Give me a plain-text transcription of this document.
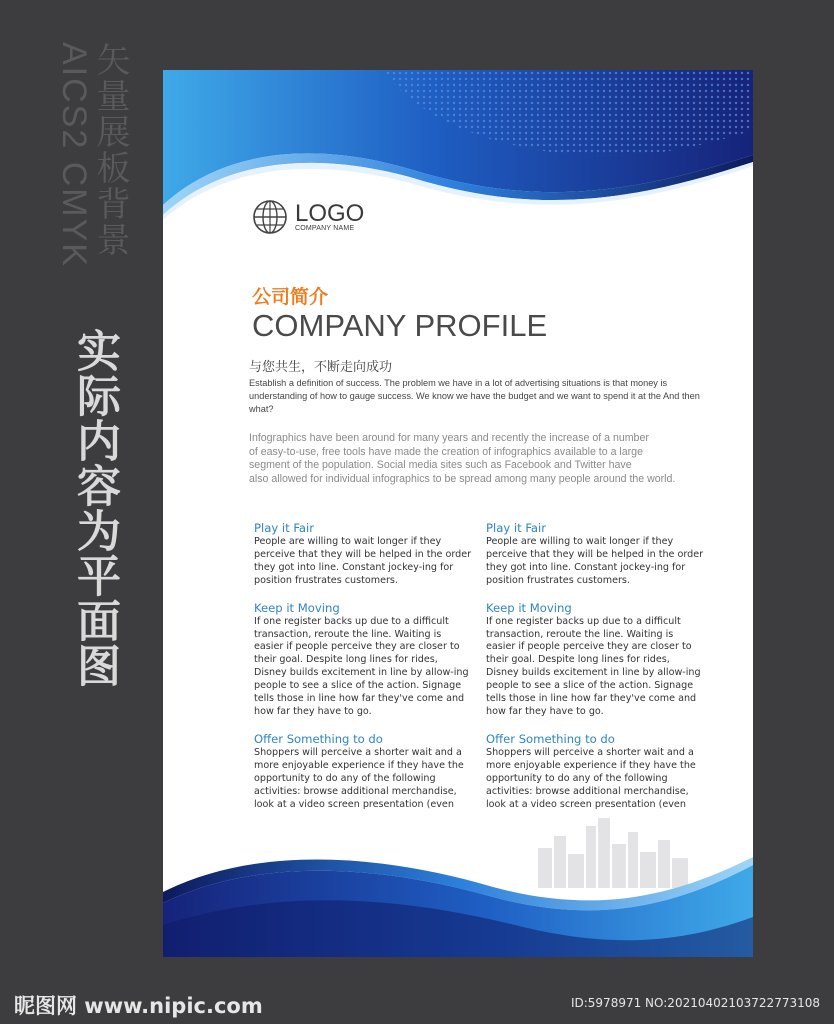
矢量展板背景
AICS2 CMYK
实际内容为平面图
昵图网 www.nipic.com	ID:5978971 NO:20210402103722773108
LOGO
COMPANY NAME
公司简介
COMPANY PROFILE
与您共生，不断走向成功
Establish a definition of success. The problem we have in a lot of advertising situations is that money is understanding of how to gauge success. We know we have the budget and we want to spend it at the And then what?
Infographics have been around for many years and recently the increase of a number
of easy-to-use, free tools have made the creation of infographics available to a large
segment of the population. Social media sites such as Facebook and Twitter have
also allowed for individual infographics to be spread among many people around the world.
Play it Fair

People are willing to wait longer if they perceive that they will be helped in the order they got into line. Constant jockey-ing for position frustrates customers.

Keep it Moving

If one register backs up due to a difficult transaction, reroute the line. Waiting is easier if people perceive they are closer to their goal. Despite long lines for rides, Disney builds excitement in line by allow-ing people to see a slice of the action. Signage tells those in line how far they've come and how far they have to go.

Offer Something to do

Shoppers will perceive a shorter wait and a more enjoyable experience if they have the opportunity to do any of the following activities: browse additional merchandise, look at a video screen presentation (even

Play it Fair

People are willing to wait longer if they perceive that they will be helped in the order they got into line. Constant jockey-ing for position frustrates customers.

Keep it Moving

If one register backs up due to a difficult transaction, reroute the line. Waiting is easier if people perceive they are closer to their goal. Despite long lines for rides, Disney builds excitement in line by allow-ing people to see a slice of the action. Signage tells those in line how far they've come and how far they have to go.

Offer Something to do

Shoppers will perceive a shorter wait and a more enjoyable experience if they have the opportunity to do any of the following activities: browse additional merchandise, look at a video screen presentation (even
